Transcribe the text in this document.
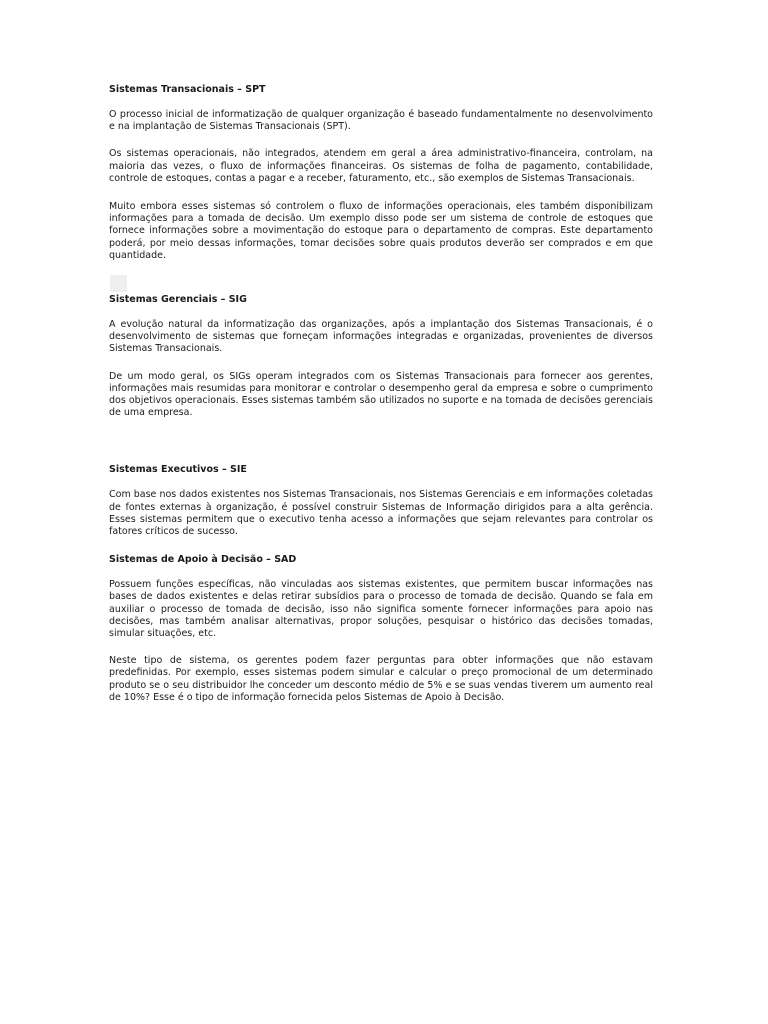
Sistemas Transacionais – SPT

O processo inicial de informatização de qualquer organização é baseado fundamentalmente no desenvolvimento e na implantação de Sistemas Transacionais (SPT).

Os sistemas operacionais, não integrados, atendem em geral a área administrativo-financeira, controlam, na maioria das vezes, o fluxo de informações financeiras. Os sistemas de folha de pagamento, contabilidade, controle de estoques, contas a pagar e a receber, faturamento, etc., são exemplos de Sistemas Transacionais.

Muito embora esses sistemas só controlem o fluxo de informações operacionais, eles também disponibilizam informações para a tomada de decisão. Um exemplo disso pode ser um sistema de controle de estoques que fornece informações sobre a movimentação do estoque para o departamento de compras. Este departamento poderá, por meio dessas informações, tomar decisões sobre quais produtos deverão ser comprados e em que quantidade.

Sistemas Gerenciais – SIG

A evolução natural da informatização das organizações, após a implantação dos Sistemas Transacionais, é o desenvolvimento de sistemas que forneçam informações integradas e organizadas, provenientes de diversos Sistemas Transacionais.

De um modo geral, os SIGs operam integrados com os Sistemas Transacionais para fornecer aos gerentes, informações mais resumidas para monitorar e controlar o desempenho geral da empresa e sobre o cumprimento dos objetivos operacionais. Esses sistemas também são utilizados no suporte e na tomada de decisões gerenciais de uma empresa.

Sistemas Executivos – SIE

Com base nos dados existentes nos Sistemas Transacionais, nos Sistemas Gerenciais e em informações coletadas de fontes externas à organização, é possível construir Sistemas de Informação dirigidos para a alta gerência. Esses sistemas permitem que o executivo tenha acesso a informações que sejam relevantes para controlar os fatores críticos de sucesso.

Sistemas de Apoio à Decisão – SAD

Possuem funções específicas, não vinculadas aos sistemas existentes, que permitem buscar informações nas bases de dados existentes e delas retirar subsídios para o processo de tomada de decisão. Quando se fala em auxiliar o processo de tomada de decisão, isso não significa somente fornecer informações para apoio nas decisões, mas também analisar alternativas, propor soluções, pesquisar o histórico das decisões tomadas, simular situações, etc.

Neste tipo de sistema, os gerentes podem fazer perguntas para obter informações que não estavam predefinidas. Por exemplo, esses sistemas podem simular e calcular o preço promocional de um determinado produto se o seu distribuidor lhe conceder um desconto médio de 5% e se suas vendas tiverem um aumento real de 10%? Esse é o tipo de informação fornecida pelos Sistemas de Apoio à Decisão.
